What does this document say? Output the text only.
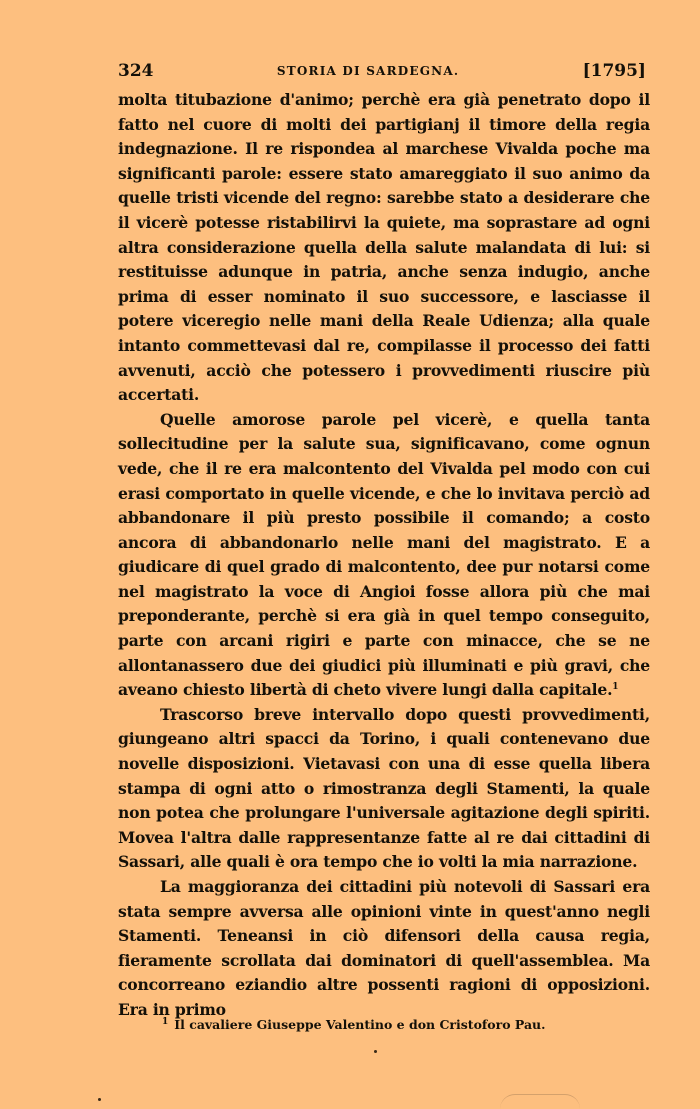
324	STORIA DI SARDEGNA.	[1795]

molta titubazione d'animo; perchè era già penetrato dopo il fatto nel cuore di molti dei partigianj il timore della regia indegnazione. Il re rispondea al marchese Vivalda poche ma significanti parole: essere stato amareggiato il suo animo da quelle tristi vicende del regno: sarebbe stato a desiderare che il vicerè potesse ristabilirvi la quiete, ma soprastare ad ogni altra considerazione quella della salute malandata di lui: si restituisse adunque in patria, anche senza indugio, anche prima di esser nominato il suo successore, e lasciasse il potere viceregio nelle mani della Reale Udienza; alla quale intanto commettevasi dal re, compilasse il processo dei fatti avvenuti, acciò che potessero i provvedimenti riuscire più accertati.

Quelle amorose parole pel vicerè, e quella tanta sollecitudine per la salute sua, significavano, come ognun vede, che il re era malcontento del Vivalda pel modo con cui erasi comportato in quelle vicende, e che lo invitava perciò ad abbandonare il più presto possibile il comando; a costo ancora di abbandonarlo nelle mani del magistrato. E a giudicare di quel grado di malcontento, dee pur notarsi come nel magistrato la voce di Angioi fosse allora più che mai preponderante, perchè si era già in quel tempo conseguito, parte con arcani rigiri e parte con minacce, che se ne allontanassero due dei giudici più illuminati e più gravi, che aveano chiesto libertà di cheto vivere lungi dalla capitale.$^1$

Trascorso breve intervallo dopo questi provvedimenti, giungeano altri spacci da Torino, i quali contenevano due novelle disposizioni. Vietavasi con una di esse quella libera stampa di ogni atto o rimostranza degli Stamenti, la quale non potea che prolungare l'universale agitazione degli spiriti. Movea l'altra dalle rappresentanze fatte al re dai cittadini di Sassari, alle quali è ora tempo che io volti la mia narrazione.

La maggioranza dei cittadini più notevoli di Sassari era stata sempre avversa alle opinioni vinte in quest'anno negli Stamenti. Teneansi in ciò difensori della causa regia, fieramente scrollata dai dominatori di quell'assemblea. Ma concorreano eziandio altre possenti ragioni di opposizioni. Era in primo

$^1$ Il cavaliere Giuseppe Valentino e don Cristoforo Pau.
